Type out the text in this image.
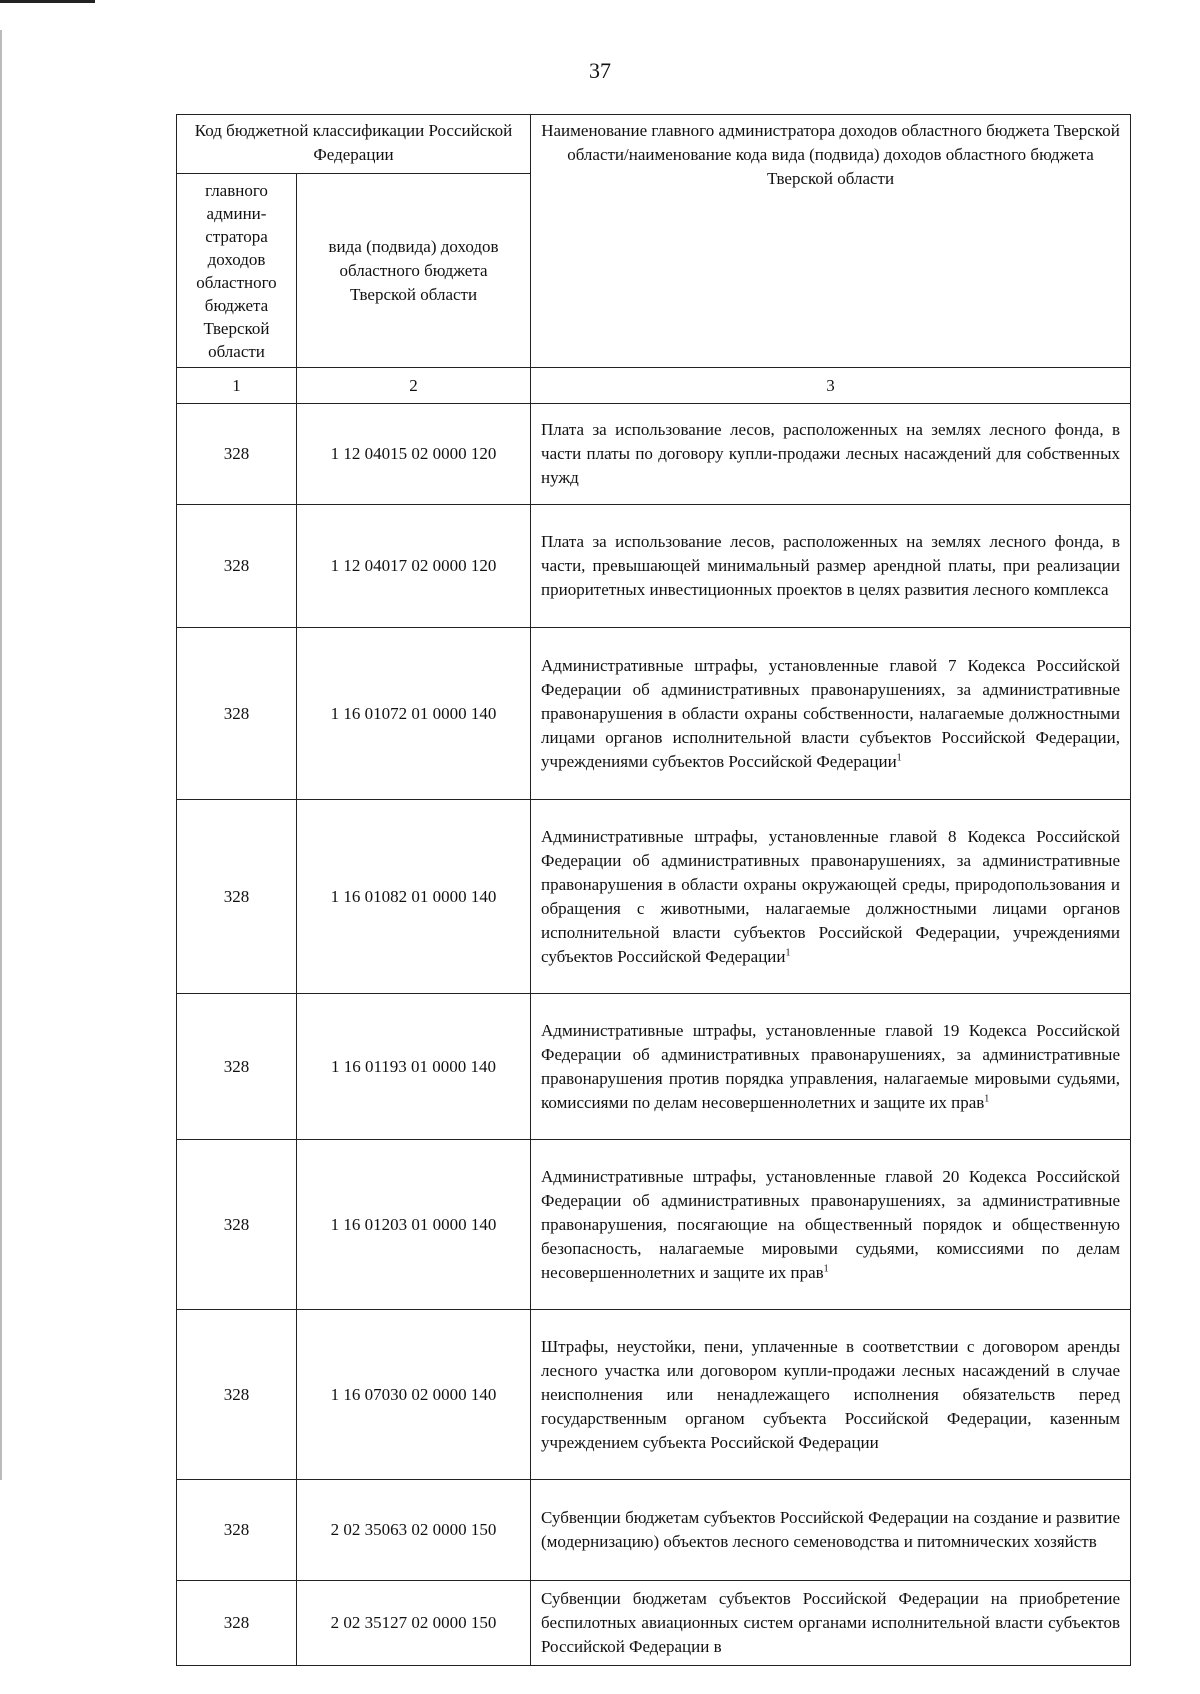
37
Код бюджетной классификации Российской Федерации		Наименование главного администратора доходов областного бюджета Тверской области/наименование кода вида (подвида) доходов областного бюджета Тверской области
главного админи-стратора доходов областного бюджета Тверской области	вида (подвида) доходов областного бюджета Тверской области	
1	2	3
328	1 12 04015 02 0000 120	Плата за использование лесов, расположенных на землях лесного фонда, в части платы по договору купли-продажи лесных насаждений для собственных нужд
328	1 12 04017 02 0000 120	Плата за использование лесов, расположенных на землях лесного фонда, в части, превышающей минимальный размер арендной платы, при реализации приоритетных инвестиционных проектов в целях развития лесного комплекса
328	1 16 01072 01 0000 140	Административные штрафы, установленные главой 7 Кодекса Российской Федерации об административных правонарушениях, за административные правонарушения в области охраны собственности, налагаемые должностными лицами органов исполнительной власти субъектов Российской Федерации, учреждениями субъектов Российской Федерации$^1$
328	1 16 01082 01 0000 140	Административные штрафы, установленные главой 8 Кодекса Российской Федерации об административных правонарушениях, за административные правонарушения в области охраны окружающей среды, природопользования и обращения с животными, налагаемые должностными лицами органов исполнительной власти субъектов Российской Федерации, учреждениями субъектов Российской Федерации$^1$
328	1 16 01193 01 0000 140	Административные штрафы, установленные главой 19 Кодекса Российской Федерации об административных правонарушениях, за административные правонарушения против порядка управления, налагаемые мировыми судьями, комиссиями по делам несовершеннолетних и защите их прав$^1$
328	1 16 01203 01 0000 140	Административные штрафы, установленные главой 20 Кодекса Российской Федерации об административных правонарушениях, за административные правонарушения, посягающие на общественный порядок и общественную безопасность, налагаемые мировыми судьями, комиссиями по делам несовершеннолетних и защите их прав$^1$
328	1 16 07030 02 0000 140	Штрафы, неустойки, пени, уплаченные в соответствии с договором аренды лесного участка или договором купли-продажи лесных насаждений в случае неисполнения или ненадлежащего исполнения обязательств перед государственным органом субъекта Российской Федерации, казенным учреждением субъекта Российской Федерации
328	2 02 35063 02 0000 150	Субвенции бюджетам субъектов Российской Федерации на создание и развитие (модернизацию) объектов лесного семеноводства и питомнических хозяйств
328	2 02 35127 02 0000 150	Субвенции бюджетам субъектов Российской Федерации на приобретение беспилотных авиационных систем органами исполнительной власти субъектов Российской Федерации в
